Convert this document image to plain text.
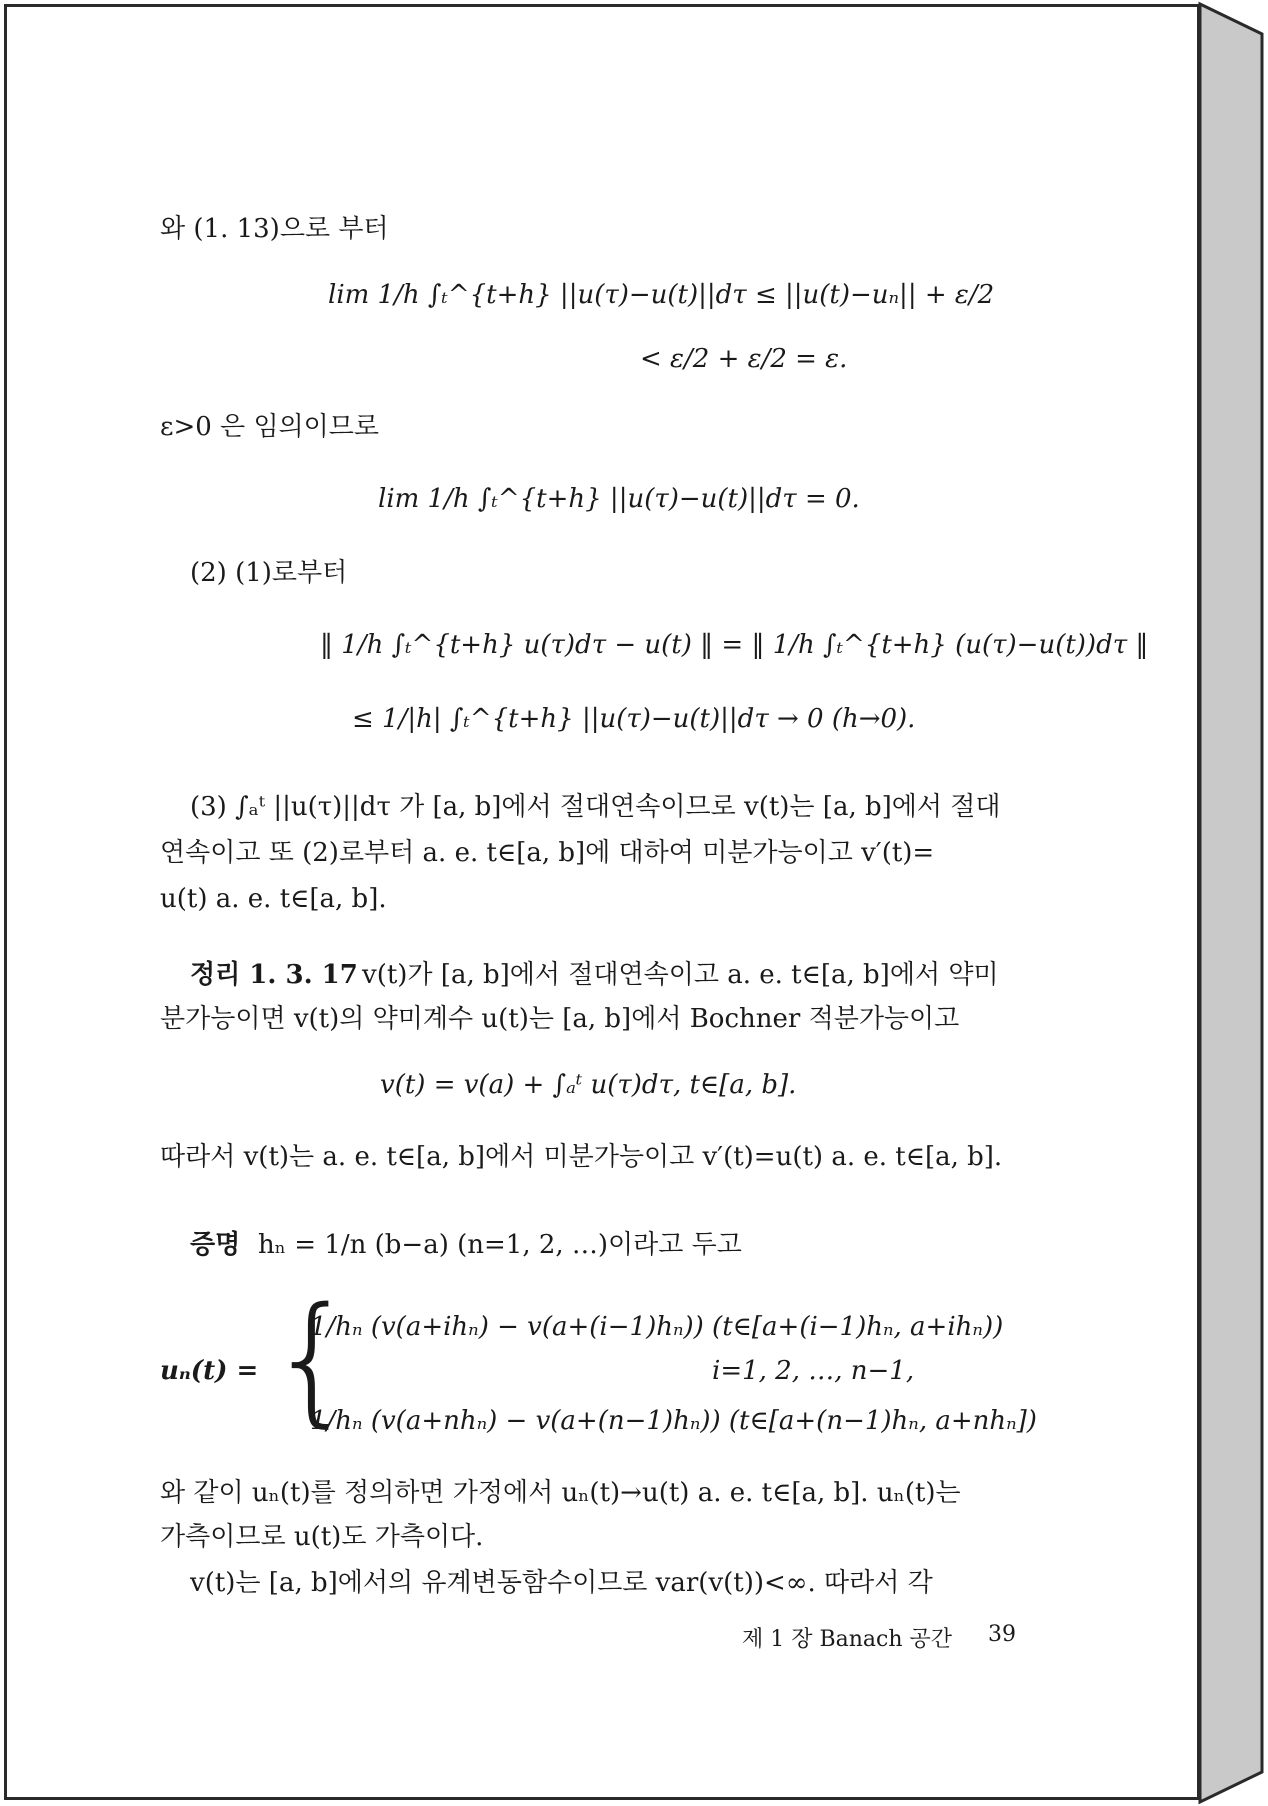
와 (1. 13)으로 부터
lim 1/h ∫ₜ^{t+h} ||u(τ)−u(t)||dτ ≤ ||u(t)−uₙ|| + ε/2
< ε/2 + ε/2 = ε.
ε>0 은 임의이므로
lim 1/h ∫ₜ^{t+h} ||u(τ)−u(t)||dτ = 0.
(2) (1)로부터
‖ 1/h ∫ₜ^{t+h} u(τ)dτ − u(t) ‖ = ‖ 1/h ∫ₜ^{t+h} (u(τ)−u(t))dτ ‖
≤ 1/|h| ∫ₜ^{t+h} ||u(τ)−u(t)||dτ → 0 (h→0).
(3) ∫ₐᵗ ||u(τ)||dτ 가 [a, b]에서 절대연속이므로 v(t)는 [a, b]에서 절대
연속이고 또 (2)로부터 a. e. t∈[a, b]에 대하여 미분가능이고 v′(t)=
u(t) a. e. t∈[a, b].
정리 1. 3. 17 v(t)가 [a, b]에서 절대연속이고 a. e. t∈[a, b]에서 약미
분가능이면 v(t)의 약미계수 u(t)는 [a, b]에서 Bochner 적분가능이고
v(t) = v(a) + ∫ₐᵗ u(τ)dτ, t∈[a, b].
따라서 v(t)는 a. e. t∈[a, b]에서 미분가능이고 v′(t)=u(t) a. e. t∈[a, b].
증명 hₙ = 1/n (b−a) (n=1, 2, …)이라고 두고
uₙ(t) = {
1/hₙ (v(a+ihₙ) − v(a+(i−1)hₙ)) (t∈[a+(i−1)hₙ, a+ihₙ))
i=1, 2, …, n−1,
1/hₙ (v(a+nhₙ) − v(a+(n−1)hₙ)) (t∈[a+(n−1)hₙ, a+nhₙ])
와 같이 uₙ(t)를 정의하면 가정에서 uₙ(t)→u(t) a. e. t∈[a, b]. uₙ(t)는
가측이므로 u(t)도 가측이다.
v(t)는 [a, b]에서의 유계변동함수이므로 var(v(t))<∞. 따라서 각
제 1 장 Banach 공간 39
